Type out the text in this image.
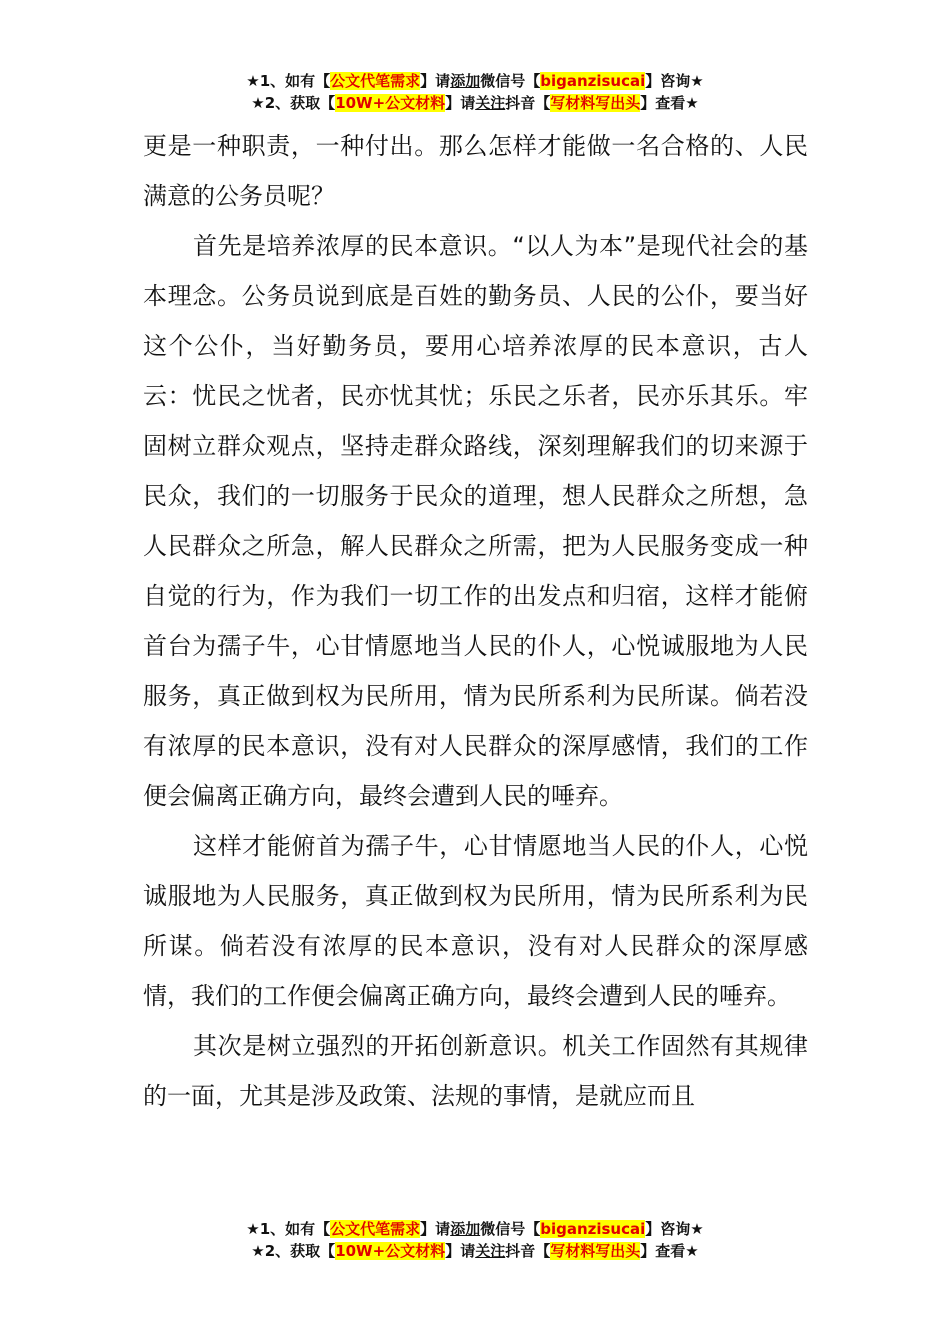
★1、如有【公文代笔需求】请添加微信号【biganzisucai】咨询★
★2、获取【10W+公文材料】请关注抖音【写材料写出头】查看★

更是一种职责，一种付出。那么怎样才能做一名合格的、人民满意的公务员呢？

首先是培养浓厚的民本意识。“以人为本”是现代社会的基本理念。公务员说到底是百姓的勤务员、人民的公仆，要当好这个公仆，当好勤务员，要用心培养浓厚的民本意识，古人云：忧民之忧者，民亦忧其忧；乐民之乐者，民亦乐其乐。牢固树立群众观点，坚持走群众路线，深刻理解我们的切来源于民众，我们的一切服务于民众的道理，想人民群众之所想，急人民群众之所急，解人民群众之所需，把为人民服务变成一种自觉的行为，作为我们一切工作的出发点和归宿，这样才能俯首台为孺子牛，心甘情愿地当人民的仆人，心悦诚服地为人民服务，真正做到权为民所用，情为民所系利为民所谋。倘若没有浓厚的民本意识，没有对人民群众的深厚感情，我们的工作便会偏离正确方向，最终会遭到人民的唾弃。

这样才能俯首为孺子牛，心甘情愿地当人民的仆人，心悦诚服地为人民服务，真正做到权为民所用，情为民所系利为民所谋。倘若没有浓厚的民本意识，没有对人民群众的深厚感情，我们的工作便会偏离正确方向，最终会遭到人民的唾弃。

其次是树立强烈的开拓创新意识。机关工作固然有其规律的一面，尤其是涉及政策、法规的事情，是就应而且

★1、如有【公文代笔需求】请添加微信号【biganzisucai】咨询★
★2、获取【10W+公文材料】请关注抖音【写材料写出头】查看★
